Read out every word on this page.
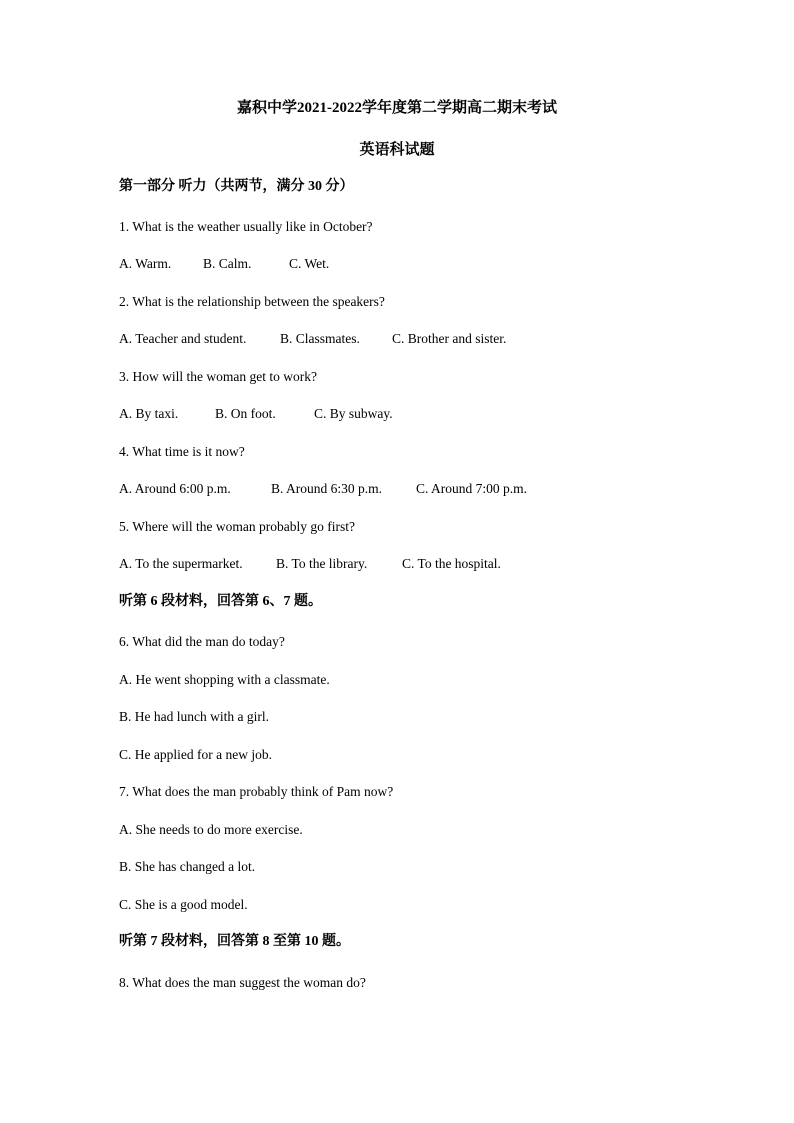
嘉积中学2021-2022学年度第二学期高二期末考试
英语科试题
第一部分 听力（共两节，满分 30 分）
1. What is the weather usually like in October?
A. Warm. B. Calm.	C. Wet.
2. What is the relationship between the speakers?
A. Teacher and student. B. Classmates. C. Brother and sister.
3. How will the woman get to work?
A. By taxi.	B. On foot.	C. By subway.
4. What time is it now?
A. Around 6:00 p.m.	B. Around 6:30 p.m.	C. Around 7:00 p.m.
5. Where will the woman probably go first?
A. To the supermarket. B. To the library.	C. To the hospital.
听第 6 段材料，回答第 6、7 题。
6. What did the man do today?
A. He went shopping with a classmate.
B. He had lunch with a girl.
C. He applied for a new job.
7. What does the man probably think of Pam now?
A. She needs to do more exercise.
B. She has changed a lot.
C. She is a good model.
听第 7 段材料，回答第 8 至第 10 题。
8. What does the man suggest the woman do?
